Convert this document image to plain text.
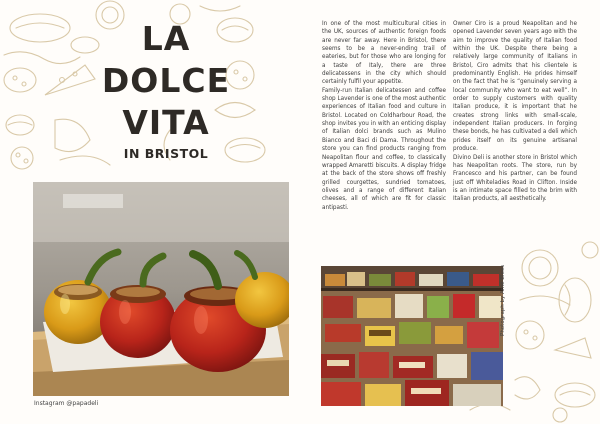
LA
DOLCE
VITA
IN BRISTOL
Instagram @papadeli
Photograph by Amé Blees

In one of the most multicultural cities in the UK, sources of authentic foreign foods are never far away. Here in Bristol, there seems to be a never-ending trail of eateries, but for those who are longing for a taste of Italy, there are three delicatessens in the city which should certainly fulfil your appetite.

Family-run Italian delicatessen and coffee shop Lavender is one of the most authentic experiences of Italian food and culture in Bristol. Located on Coldharbour Road, the shop invites you in with an enticing display of Italian dolci brands such as Mulino Bianco and Baci di Dama. Throughout the store you can find products ranging from Neapolitan flour and coffee, to classically wrapped Amaretti biscuits. A display fridge at the back of the store shows off freshly grilled courgettes, sundried tomatoes, olives and a range of different Italian cheeses, all of which are fit for classic antipasti.

Owner Ciro is a proud Neapolitan and he opened Lavender seven years ago with the aim to improve the quality of Italian food within the UK. Despite there being a relatively large community of Italians in Bristol, Ciro admits that his clientele is predominantly English. He prides himself on the fact that he is “genuinely serving a local community who want to eat well”. In order to supply customers with quality Italian produce, it is important that he creates strong links with small-scale, independent Italian producers. In forging these bonds, he has cultivated a deli which prides itself on its genuine artisanal produce.

Divino Deli is another store in Bristol which has Neapolitan roots. The store, run by Francesco and his partner, can be found just off Whiteladies Road in Clifton. Inside is an intimate space filled to the brim with Italian products, all aesthetically.
